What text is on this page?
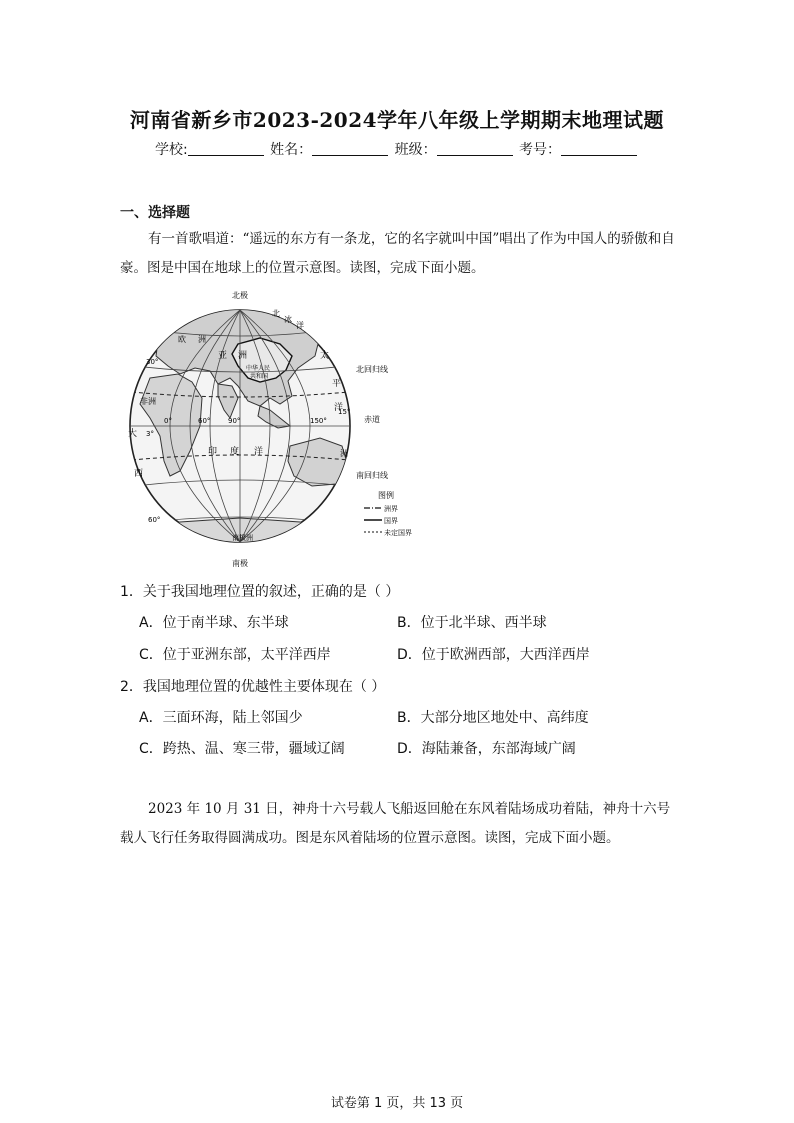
河南省新乡市2023-2024学年八年级上学期期末地理试题
学校:	姓名：	班级：	考号：
一、选择题
有一首歌唱道：“遥远的东方有一条龙，它的名字就叫中国”唱出了作为中国人的骄傲和自豪。图是中国在地球上的位置示意图。读图，完成下面小题。
北极
南极
北回归线
赤道
南回归线
欧 洲
亚 洲
中华人民
共和国
非洲
北
冰
洋
太
平
洋
印 度 洋
大
西
洲
南极洲
30°
0°
3°
60°	90°	150°
60°
15°
图例
洲界
国界
未定国界
1．关于我国地理位置的叙述，正确的是（ ）
A．位于南半球、东半球	B．位于北半球、西半球
C．位于亚洲东部，太平洋西岸	D．位于欧洲西部，大西洋西岸
2．我国地理位置的优越性主要体现在（ ）
A．三面环海，陆上邻国少	B．大部分地区地处中、高纬度
C．跨热、温、寒三带，疆域辽阔	D．海陆兼备，东部海域广阔
2023 年 10 月 31 日，神舟十六号载人飞船返回舱在东风着陆场成功着陆，神舟十六号载人飞行任务取得圆满成功。图是东风着陆场的位置示意图。读图，完成下面小题。
试卷第 1 页，共 13 页
